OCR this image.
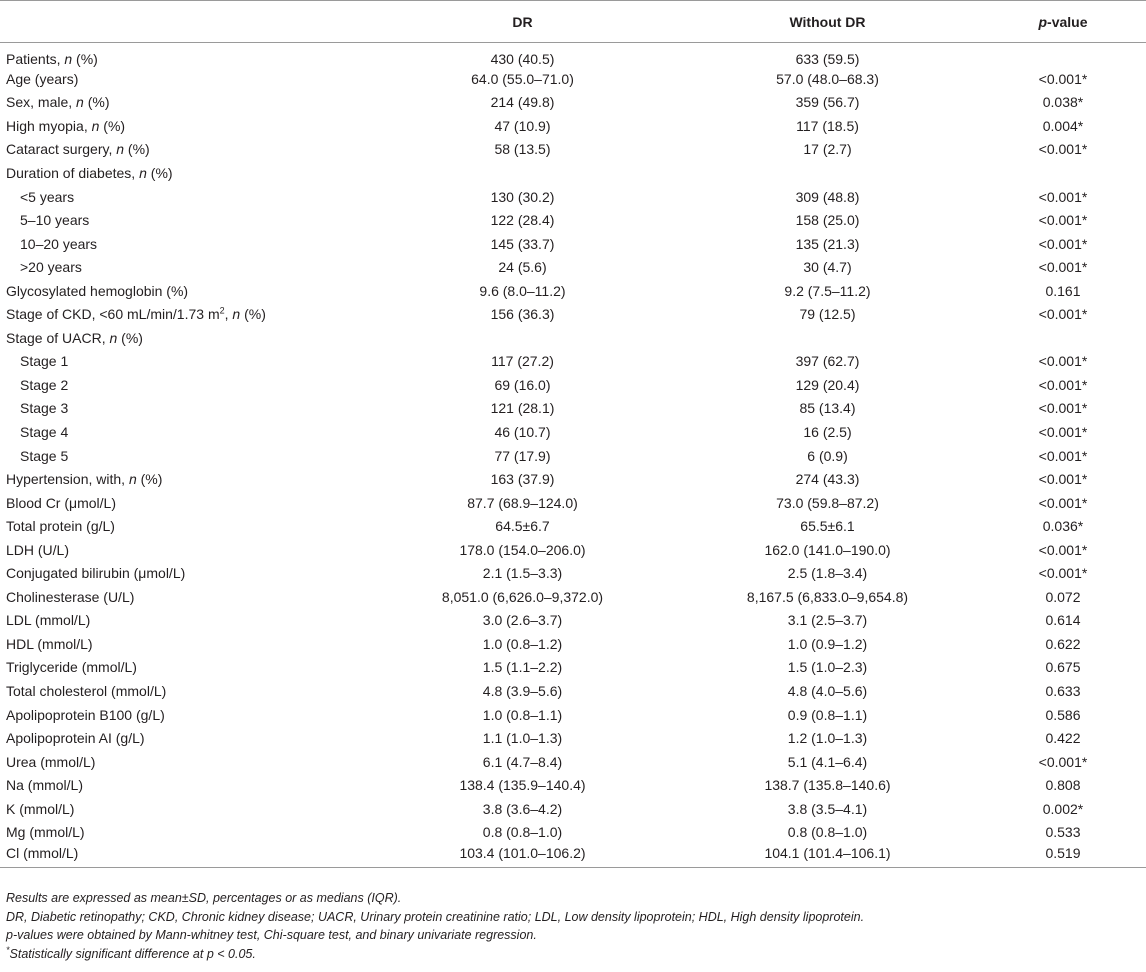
	DR	Without DR	p-value
Patients, n (%)	430 (40.5)	633 (59.5)	
Age (years)	64.0 (55.0–71.0)	57.0 (48.0–68.3)	<0.001*
Sex, male, n (%)	214 (49.8)	359 (56.7)	0.038*
High myopia, n (%)	47 (10.9)	117 (18.5)	0.004*
Cataract surgery, n (%)	58 (13.5)	17 (2.7)	<0.001*
Duration of diabetes, n (%)			
<5 years	130 (30.2)	309 (48.8)	<0.001*
5–10 years	122 (28.4)	158 (25.0)	<0.001*
10–20 years	145 (33.7)	135 (21.3)	<0.001*
>20 years	24 (5.6)	30 (4.7)	<0.001*
Glycosylated hemoglobin (%)	9.6 (8.0–11.2)	9.2 (7.5–11.2)	0.161
Stage of CKD, <60 mL/min/1.73 $m^2$, n (%)	156 (36.3)	79 (12.5)	<0.001*
Stage of UACR, n (%)			
Stage 1	117 (27.2)	397 (62.7)	<0.001*
Stage 2	69 (16.0)	129 (20.4)	<0.001*
Stage 3	121 (28.1)	85 (13.4)	<0.001*
Stage 4	46 (10.7)	16 (2.5)	<0.001*
Stage 5	77 (17.9)	6 (0.9)	<0.001*
Hypertension, with, n (%)	163 (37.9)	274 (43.3)	<0.001*
Blood Cr (μmol/L)	87.7 (68.9–124.0)	73.0 (59.8–87.2)	<0.001*
Total protein (g/L)	64.5±6.7	65.5±6.1	0.036*
LDH (U/L)	178.0 (154.0–206.0)	162.0 (141.0–190.0)	<0.001*
Conjugated bilirubin (μmol/L)	2.1 (1.5–3.3)	2.5 (1.8–3.4)	<0.001*
Cholinesterase (U/L)	8,051.0 (6,626.0–9,372.0)	8,167.5 (6,833.0–9,654.8)	0.072
LDL (mmol/L)	3.0 (2.6–3.7)	3.1 (2.5–3.7)	0.614
HDL (mmol/L)	1.0 (0.8–1.2)	1.0 (0.9–1.2)	0.622
Triglyceride (mmol/L)	1.5 (1.1–2.2)	1.5 (1.0–2.3)	0.675
Total cholesterol (mmol/L)	4.8 (3.9–5.6)	4.8 (4.0–5.6)	0.633
Apolipoprotein B100 (g/L)	1.0 (0.8–1.1)	0.9 (0.8–1.1)	0.586
Apolipoprotein AI (g/L)	1.1 (1.0–1.3)	1.2 (1.0–1.3)	0.422
Urea (mmol/L)	6.1 (4.7–8.4)	5.1 (4.1–6.4)	<0.001*
Na (mmol/L)	138.4 (135.9–140.4)	138.7 (135.8–140.6)	0.808
K (mmol/L)	3.8 (3.6–4.2)	3.8 (3.5–4.1)	0.002*
Mg (mmol/L)	0.8 (0.8–1.0)	0.8 (0.8–1.0)	0.533
Cl (mmol/L)	103.4 (101.0–106.2)	104.1 (101.4–106.1)	0.519
Results are expressed as mean±SD, percentages or as medians (IQR).
DR, Diabetic retinopathy; CKD, Chronic kidney disease; UACR, Urinary protein creatinine ratio; LDL, Low density lipoprotein; HDL, High density lipoprotein.
p-values were obtained by Mann-whitney test, Chi-square test, and binary univariate regression.
*Statistically significant difference at p < 0.05.
